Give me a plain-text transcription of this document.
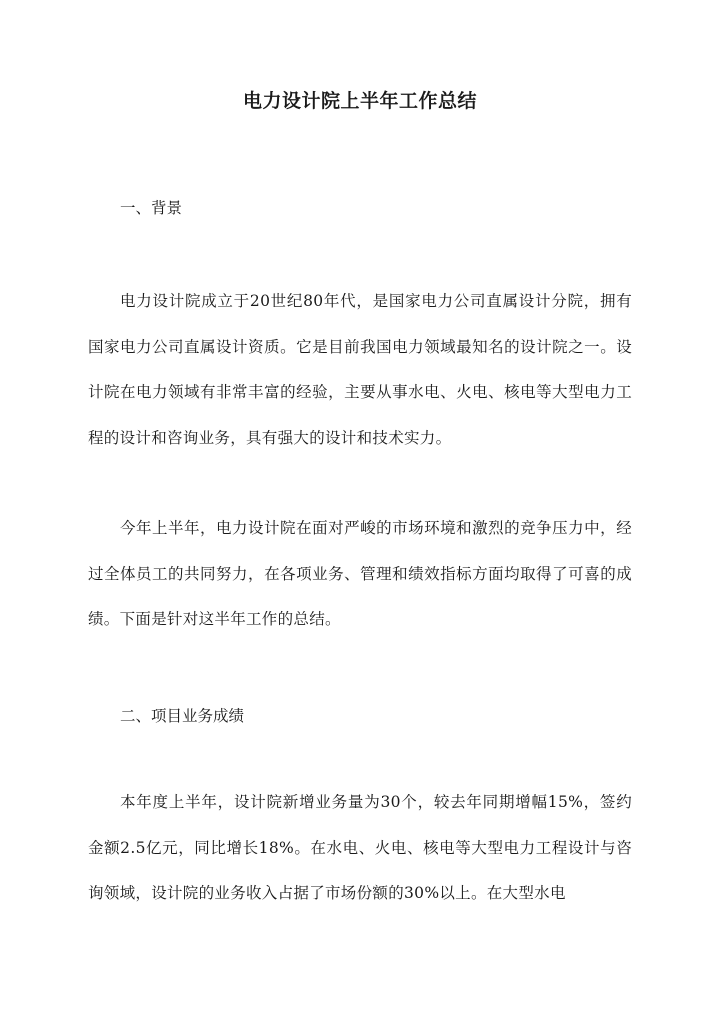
电力设计院上半年工作总结
一、背景

电力设计院成立于20世纪80年代，是国家电力公司直属设计分院，拥有国家电力公司直属设计资质。它是目前我国电力领域最知名的设计院之一。设计院在电力领域有非常丰富的经验，主要从事水电、火电、核电等大型电力工程的设计和咨询业务，具有强大的设计和技术实力。

今年上半年，电力设计院在面对严峻的市场环境和激烈的竞争压力中，经过全体员工的共同努力，在各项业务、管理和绩效指标方面均取得了可喜的成绩。下面是针对这半年工作的总结。

二、项目业务成绩

本年度上半年，设计院新增业务量为30个，较去年同期增幅15%，签约金额2.5亿元，同比增长18%。在水电、火电、核电等大型电力工程设计与咨询领域，设计院的业务收入占据了市场份额的30%以上。在大型水电
